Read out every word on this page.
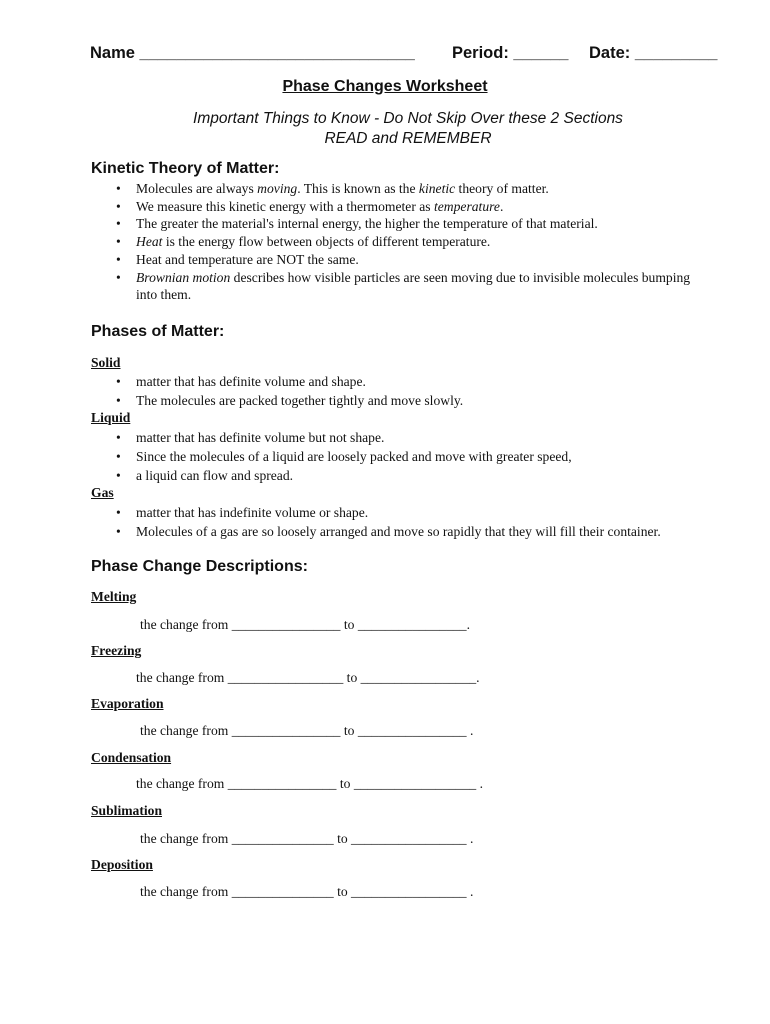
Name ______________________________ Period: ______ Date: _________
Phase Changes Worksheet
Important Things to Know - Do Not Skip Over these 2 Sections
READ and REMEMBER
Kinetic Theory of Matter:
• Molecules are always moving. This is known as the kinetic theory of matter.
• We measure this kinetic energy with a thermometer as temperature.
• The greater the material's internal energy, the higher the temperature of that material.
• Heat is the energy flow between objects of different temperature.
• Heat and temperature are NOT the same.
• Brownian motion describes how visible particles are seen moving due to invisible molecules bumping into them.
Phases of Matter:
Solid
• matter that has definite volume and shape.
• The molecules are packed together tightly and move slowly.
Liquid
• matter that has definite volume but not shape.
• Since the molecules of a liquid are loosely packed and move with greater speed,
• a liquid can flow and spread.
Gas
• matter that has indefinite volume or shape.
• Molecules of a gas are so loosely arranged and move so rapidly that they will fill their container.
Phase Change Descriptions:
Melting
the change from ________________ to ________________.
Freezing
the change from _________________ to _________________.
Evaporation
the change from ________________ to ________________ .
Condensation
the change from ________________ to __________________ .
Sublimation
the change from _______________ to _________________ .
Deposition
the change from _______________ to _________________ .
